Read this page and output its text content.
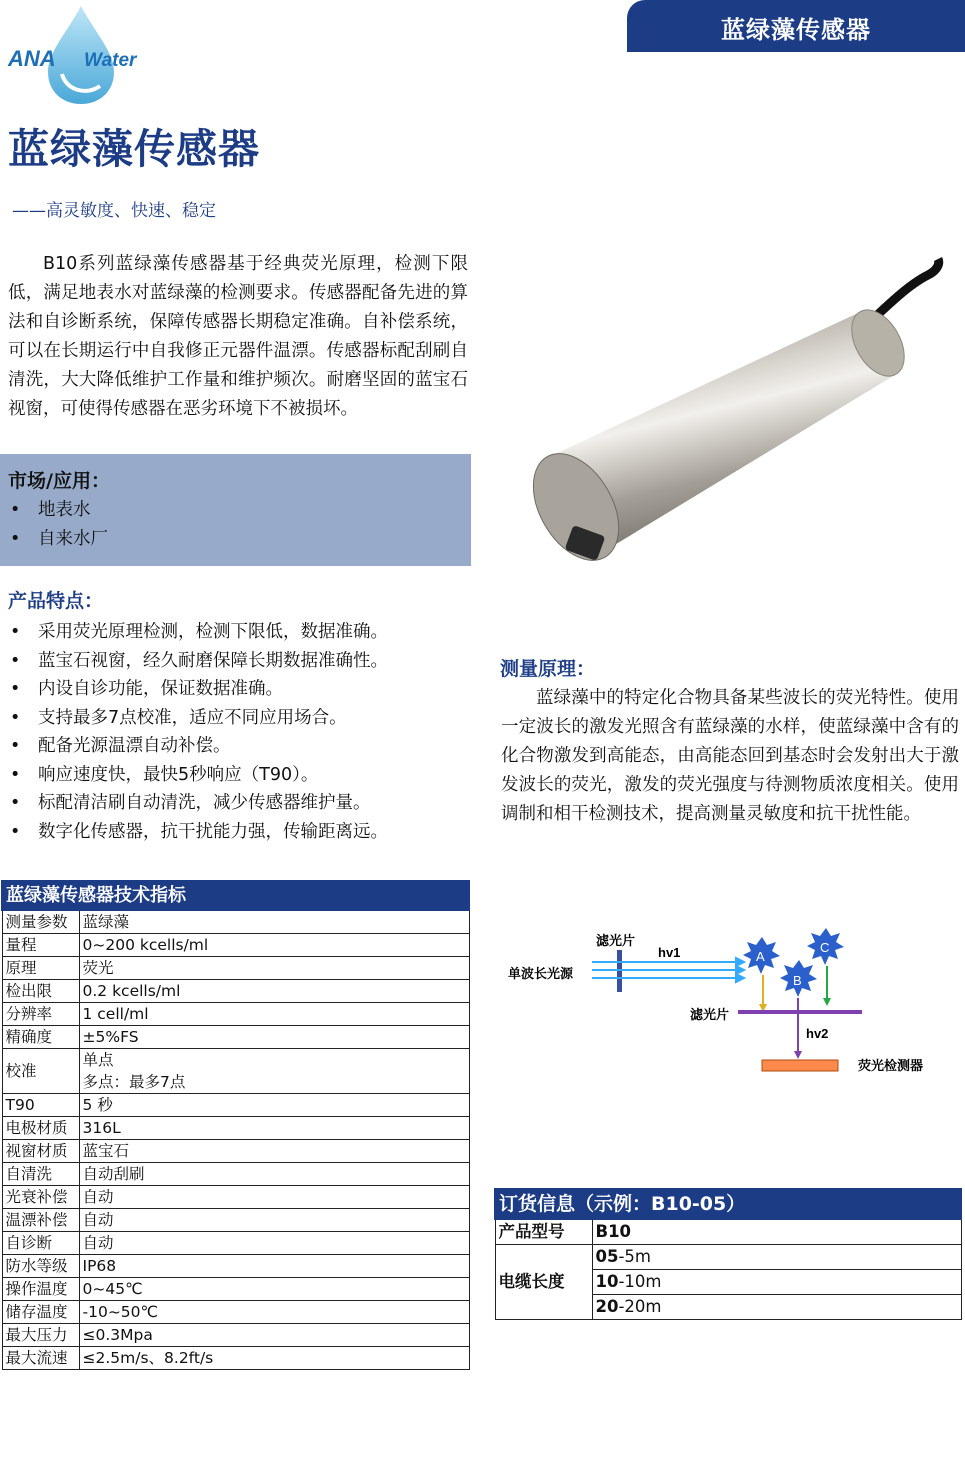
蓝绿藻传感器
ANA Water
蓝绿藻传感器
——高灵敏度、快速、稳定
B10系列蓝绿藻传感器基于经典荧光原理，检测下限低，满足地表水对蓝绿藻的检测要求。传感器配备先进的算法和自诊断系统，保障传感器长期稳定准确。自补偿系统，可以在长期运行中自我修正元器件温漂。传感器标配刮刷自清洗，大大降低维护工作量和维护频次。耐磨坚固的蓝宝石视窗，可使得传感器在恶劣环境下不被损坏。
市场/应用：
• 地表水
• 自来水厂
产品特点：
• 采用荧光原理检测，检测下限低，数据准确。
• 蓝宝石视窗，经久耐磨保障长期数据准确性。
• 内设自诊功能，保证数据准确。
• 支持最多7点校准，适应不同应用场合。
• 配备光源温漂自动补偿。
• 响应速度快，最快5秒响应（T90）。
• 标配清洁刷自动清洗，减少传感器维护量。
• 数字化传感器，抗干扰能力强，传输距离远。
测量原理：
蓝绿藻中的特定化合物具备某些波长的荧光特性。使用一定波长的激发光照含有蓝绿藻的水样，使蓝绿藻中含有的化合物激发到高能态，由高能态回到基态时会发射出大于激发波长的荧光，激发的荧光强度与待测物质浓度相关。使用调制和相干检测技术，提高测量灵敏度和抗干扰性能。
滤光片
hv1
单波长光源
A
B
C
滤光片
hv2
荧光检测器
蓝绿藻传感器技术指标	
测量参数	蓝绿藻
量程	0~200 kcells/ml
原理	荧光
检出限	0.2 kcells/ml
分辨率	1 cell/ml
精确度	±5%FS
校准	单点
多点：最多7点

T90	5 秒
电极材质	316L
视窗材质	蓝宝石
自清洗	自动刮刷
光衰补偿	自动
温漂补偿	自动
自诊断	自动
防水等级	IP68
操作温度	0~45℃
储存温度	-10~50℃
最大压力	≤0.3Mpa
最大流速	≤2.5m/s、8.2ft/s
订货信息（示例：B10-05）	
产品型号	B10
电缆长度	05-5m
	10-10m
	20-20m
